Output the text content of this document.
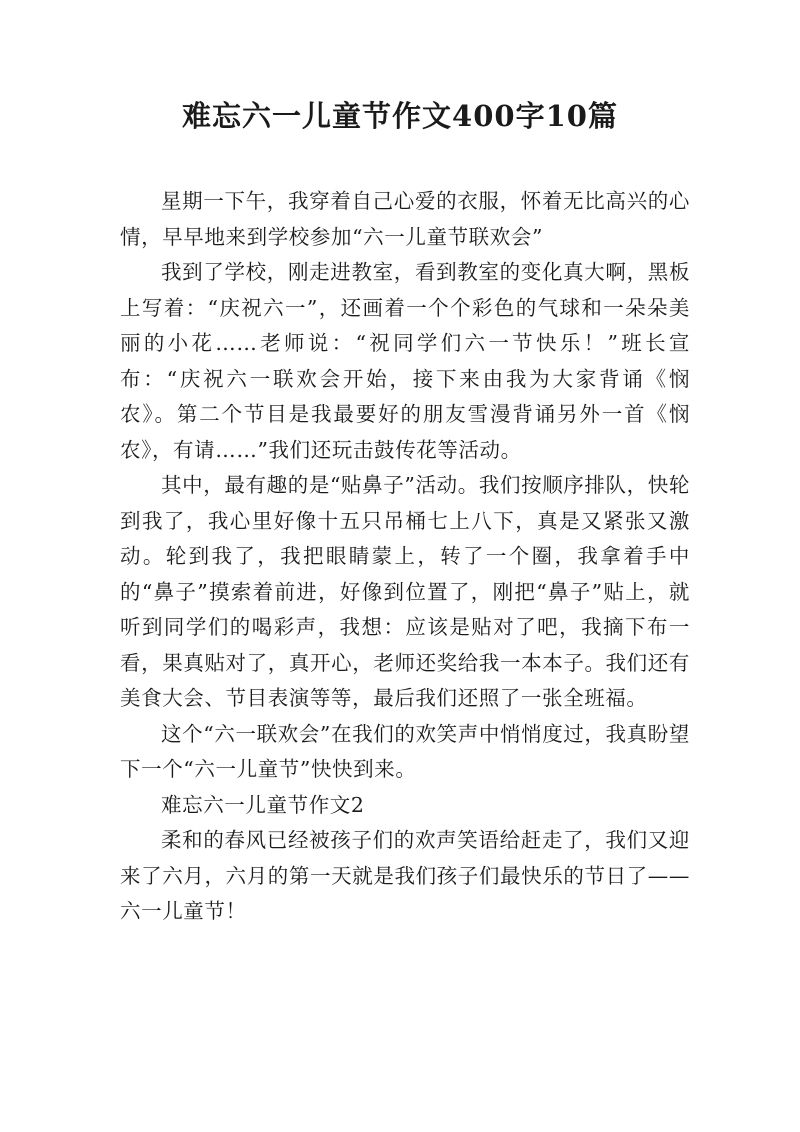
难忘六一儿童节作文400字10篇

星期一下午，我穿着自己心爱的衣服，怀着无比高兴的心情，早早地来到学校参加“六一儿童节联欢会”

我到了学校，刚走进教室，看到教室的变化真大啊，黑板上写着：“庆祝六一”，还画着一个个彩色的气球和一朵朵美丽的小花……老师说：“祝同学们六一节快乐！”班长宣布：“庆祝六一联欢会开始，接下来由我为大家背诵《悯农》。第二个节目是我最要好的朋友雪漫背诵另外一首《悯农》，有请……”我们还玩击鼓传花等活动。

其中，最有趣的是“贴鼻子”活动。我们按顺序排队，快轮到我了，我心里好像十五只吊桶七上八下，真是又紧张又激动。轮到我了，我把眼睛蒙上，转了一个圈，我拿着手中的“鼻子”摸索着前进，好像到位置了，刚把“鼻子”贴上，就听到同学们的喝彩声，我想：应该是贴对了吧，我摘下布一看，果真贴对了，真开心，老师还奖给我一本本子。我们还有美食大会、节目表演等等，最后我们还照了一张全班福。

这个“六一联欢会”在我们的欢笑声中悄悄度过，我真盼望下一个“六一儿童节”快快到来。

难忘六一儿童节作文2

柔和的春风已经被孩子们的欢声笑语给赶走了，我们又迎来了六月，六月的第一天就是我们孩子们最快乐的节日了——六一儿童节！
